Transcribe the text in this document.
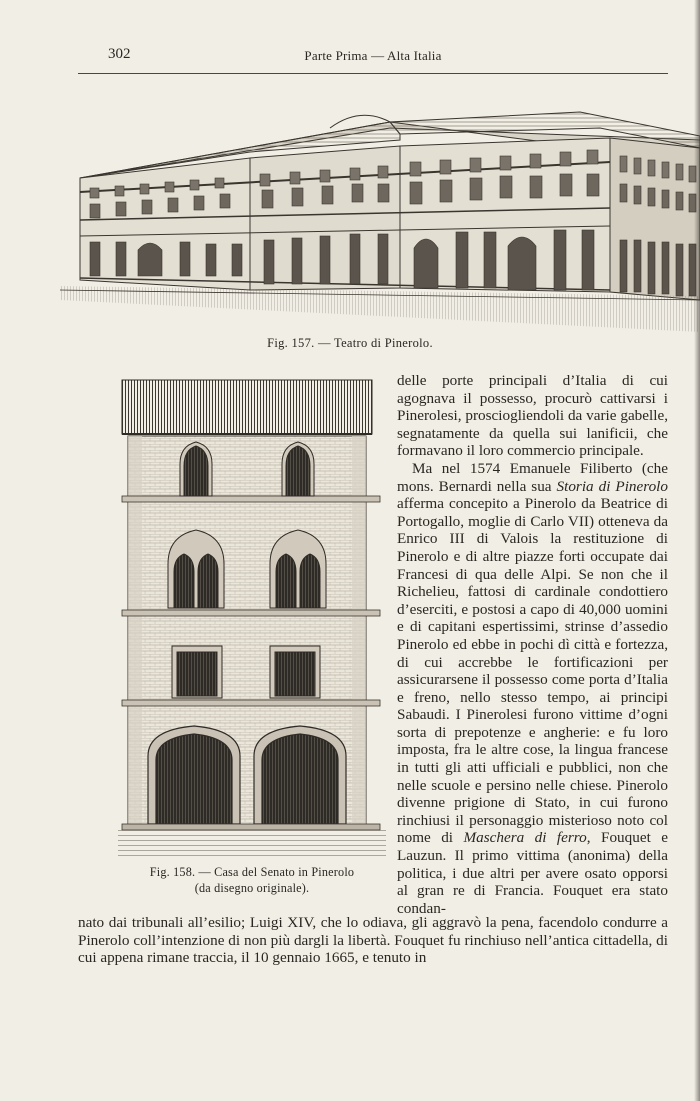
302	Parte Prima — Alta Italia
Fig. 157. — Teatro di Pinerolo.
Fig. 158. — Casa del Senato in Pinerolo
(da disegno originale).

delle porte principali d’Italia di cui agognava il possesso, procurò cattivarsi i Pinerolesi, prosciogliendoli da varie gabelle, segnatamente da quella sui lanificii, che formavano il loro commercio principale.

Ma nel 1574 Emanuele Filiberto (che mons. Bernardi nella sua Storia di Pinerolo afferma concepito a Pinerolo da Beatrice di Portogallo, moglie di Carlo VII) otteneva da Enrico III di Valois la restituzione di Pinerolo e di altre piazze forti occupate dai Francesi di qua delle Alpi. Se non che il Richelieu, fattosi di cardinale condottiero d’eserciti, e postosi a capo di 40,000 uomini e di capitani espertissimi, strinse d’assedio Pinerolo ed ebbe in pochi dì città e fortezza, di cui accrebbe le fortificazioni per assicurarsene il possesso come porta d’Italia e freno, nello stesso tempo, ai principi Sabaudi. I Pinerolesi furono vittime d’ogni sorta di prepotenze e angherie: e fu loro imposta, fra le altre cose, la lingua francese in tutti gli atti ufficiali e pubblici, non che nelle scuole e persino nelle chiese. Pinerolo divenne prigione di Stato, in cui furono rinchiusi il personaggio misterioso noto col nome di Maschera di ferro, Fouquet e Lauzun. Il primo vittima (anonima) della politica, i due altri per avere osato opporsi al gran re di Francia. Fouquet era stato condan-

nato dai tribunali all’esilio; Luigi XIV, che lo odiava, gli aggravò la pena, facendolo condurre a Pinerolo coll’intenzione di non più dargli la libertà. Fouquet fu rinchiuso nell’antica cittadella, di cui appena rimane traccia, il 10 gennaio 1665, e tenuto in
